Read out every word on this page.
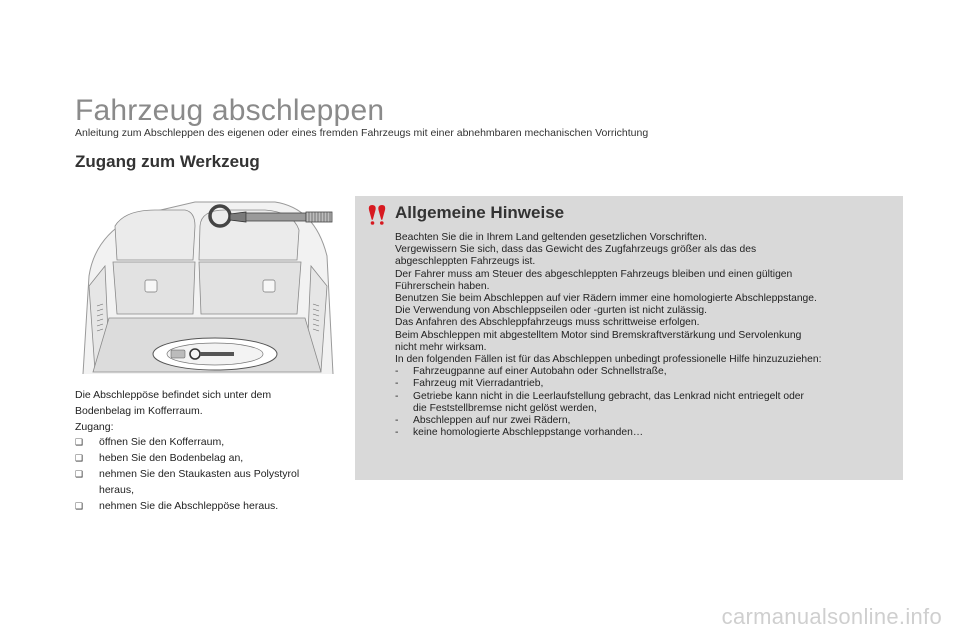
Fahrzeug abschleppen
Anleitung zum Abschleppen des eigenen oder eines fremden Fahrzeugs mit einer abnehmbaren mechanischen Vorrichtung
Zugang zum Werkzeug

Die Abschleppöse befindet sich unter dem
Bodenbelag im Kofferraum.

Zugang:

❑ öffnen Sie den Kofferraum,
❑ heben Sie den Bodenbelag an,
❑ nehmen Sie den Staukasten aus Polystyrol
heraus,
❑ nehmen Sie die Abschleppöse heraus.
Allgemeine Hinweise

Beachten Sie die in Ihrem Land geltenden gesetzlichen Vorschriften.

Vergewissern Sie sich, dass das Gewicht des Zugfahrzeugs größer als das des
abgeschleppten Fahrzeugs ist.

Der Fahrer muss am Steuer des abgeschleppten Fahrzeugs bleiben und einen gültigen
Führerschein haben.

Benutzen Sie beim Abschleppen auf vier Rädern immer eine homologierte Abschleppstange.

Die Verwendung von Abschleppseilen oder -gurten ist nicht zulässig.

Das Anfahren des Abschleppfahrzeugs muss schrittweise erfolgen.

Beim Abschleppen mit abgestelltem Motor sind Bremskraftverstärkung und Servolenkung
nicht mehr wirksam.

In den folgenden Fällen ist für das Abschleppen unbedingt professionelle Hilfe hinzuzuziehen:

- Fahrzeugpanne auf einer Autobahn oder Schnellstraße,
- Fahrzeug mit Vierradantrieb,
- Getriebe kann nicht in die Leerlaufstellung gebracht, das Lenkrad nicht entriegelt oder
die Feststellbremse nicht gelöst werden,
- Abschleppen auf nur zwei Rädern,
- keine homologierte Abschleppstange vorhanden…
carmanualsonline.info
